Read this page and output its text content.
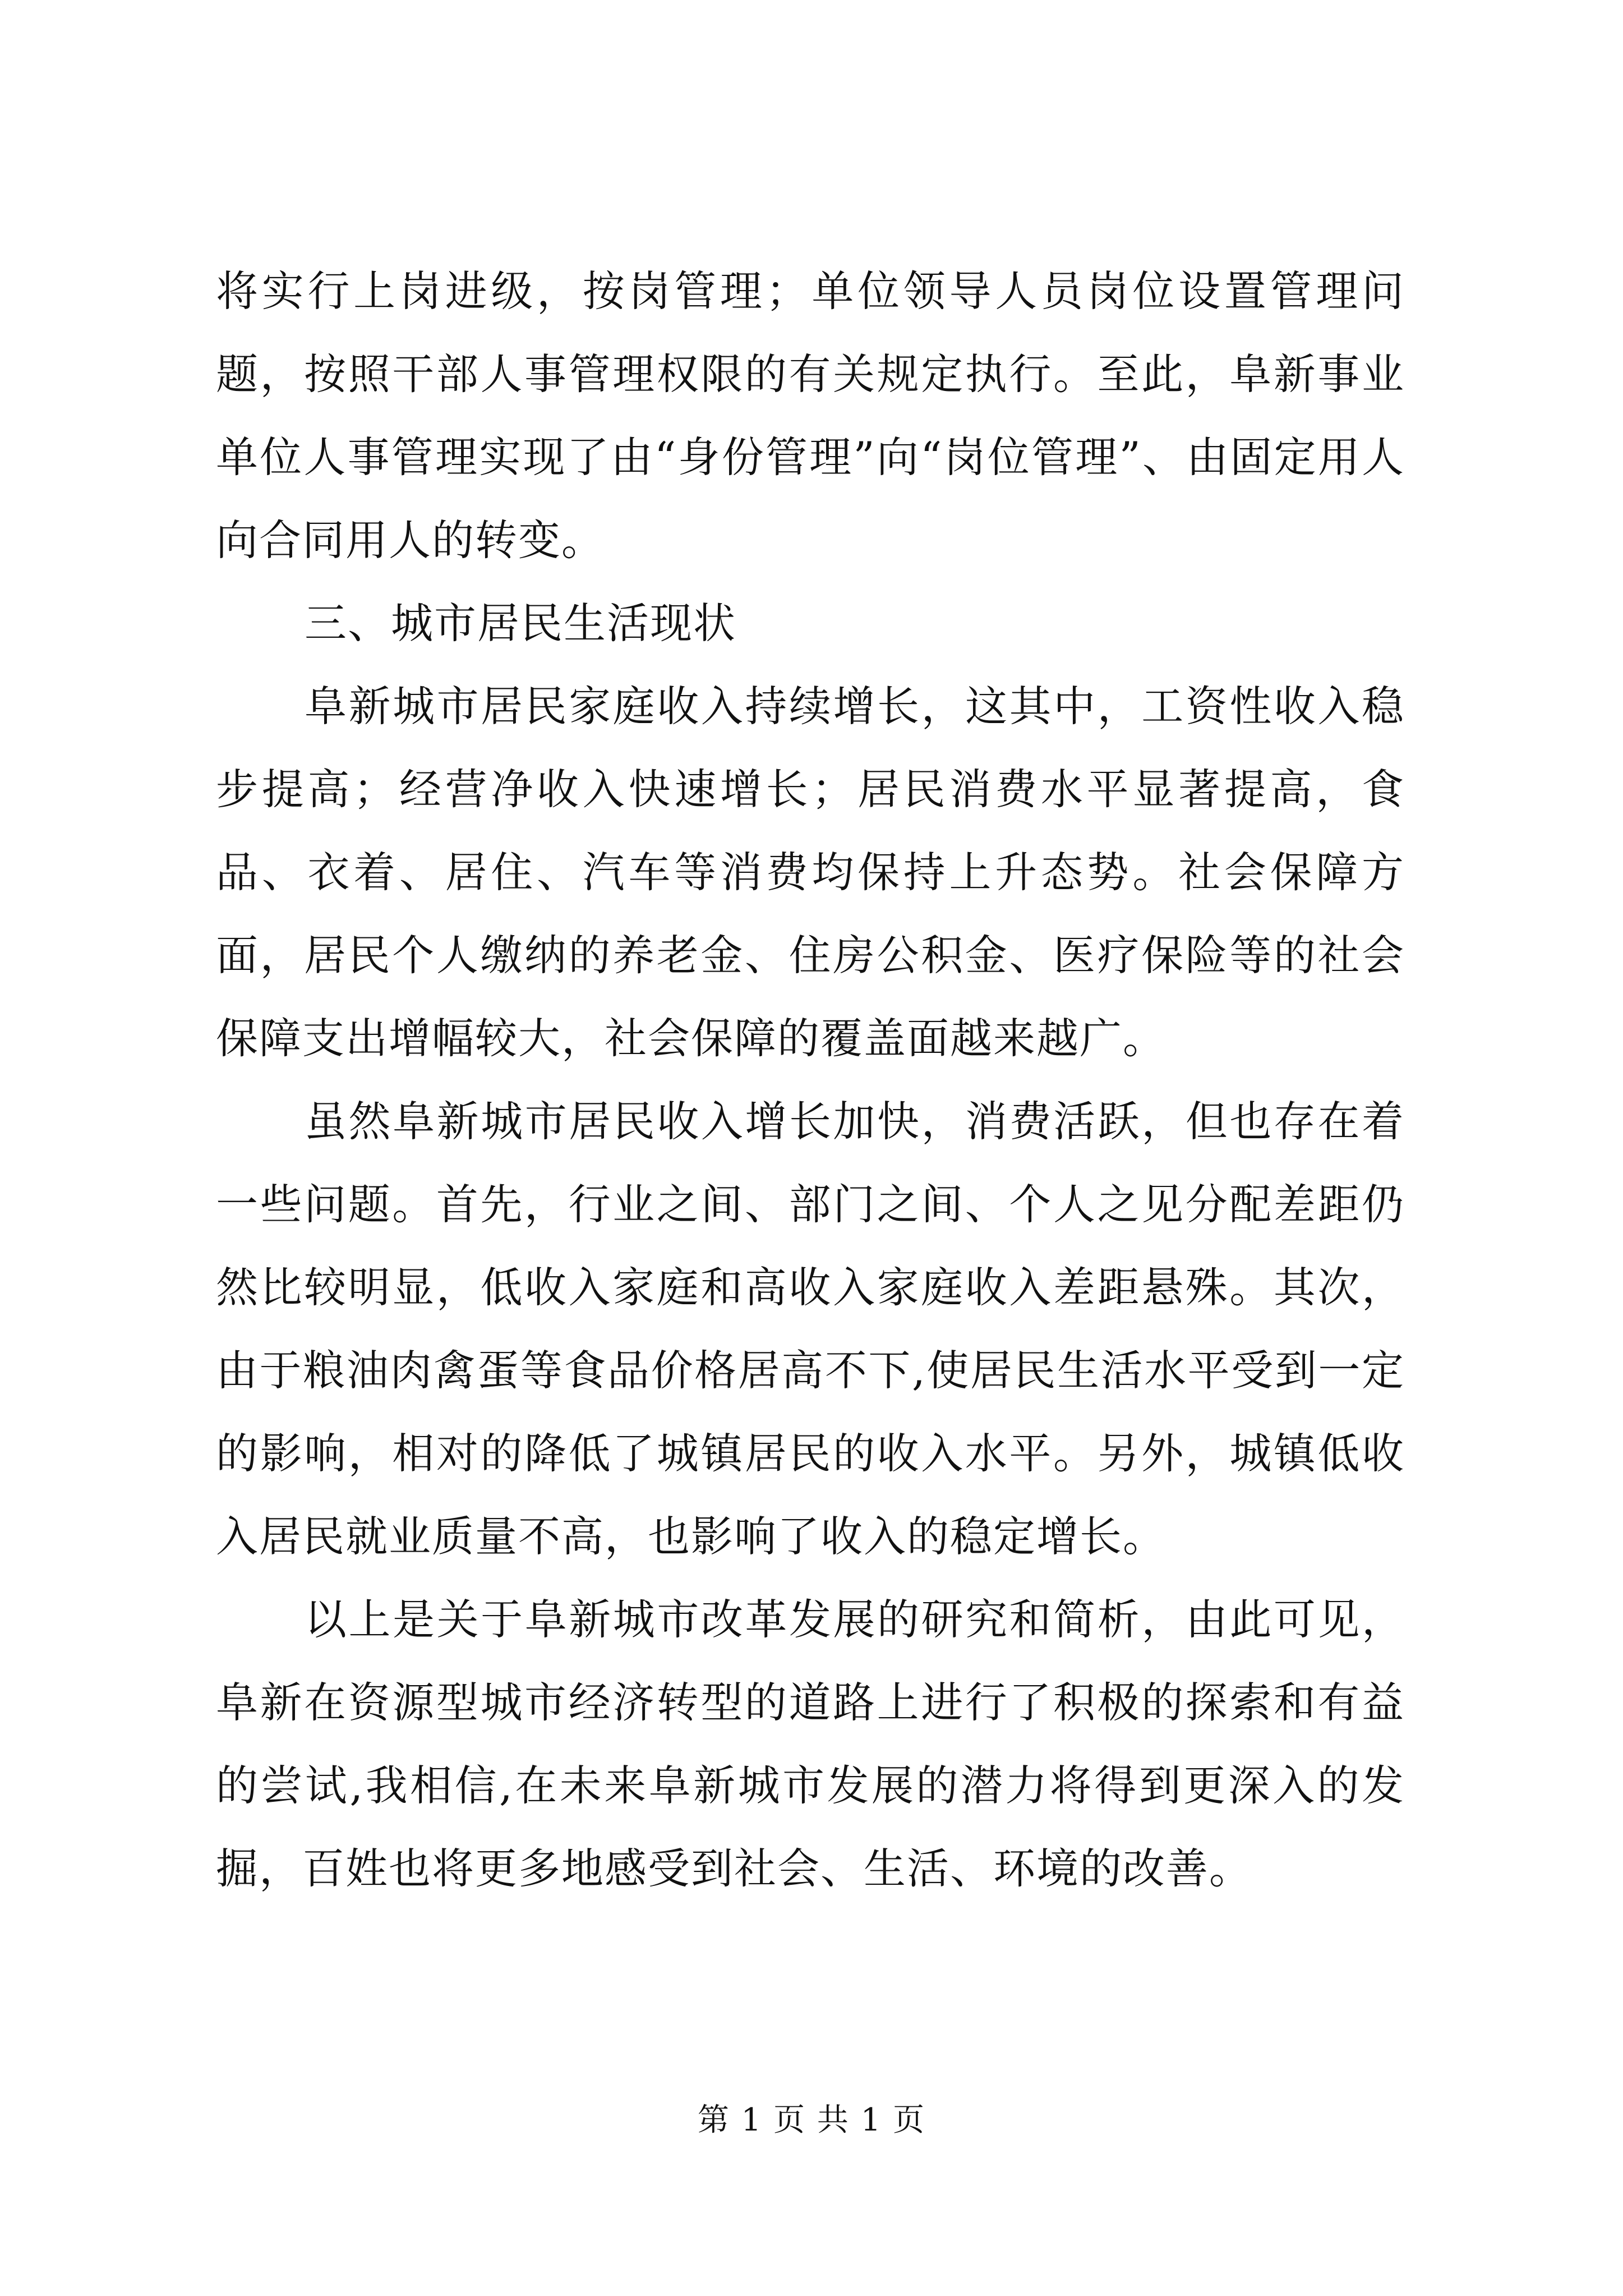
将实行上岗进级，按岗管理；单位领导人员岗位设置管理问题，按照干部人事管理权限的有关规定执行。至此，阜新事业单位人事管理实现了由“身份管理”向“岗位管理”、由固定用人向合同用人的转变。

三、城市居民生活现状

阜新城市居民家庭收入持续增长，这其中，工资性收入稳步提高；经营净收入快速增长；居民消费水平显著提高，食品、衣着、居住、汽车等消费均保持上升态势。社会保障方面，居民个人缴纳的养老金、住房公积金、医疗保险等的社会保障支出增幅较大，社会保障的覆盖面越来越广。

虽然阜新城市居民收入增长加快，消费活跃，但也存在着一些问题。首先，行业之间、部门之间、个人之见分配差距仍然比较明显，低收入家庭和高收入家庭收入差距悬殊。其次，由于粮油肉禽蛋等食品价格居高不下,使居民生活水平受到一定的影响，相对的降低了城镇居民的收入水平。另外，城镇低收入居民就业质量不高，也影响了收入的稳定增长。

以上是关于阜新城市改革发展的研究和简析，由此可见，阜新在资源型城市经济转型的道路上进行了积极的探索和有益的尝试,我相信,在未来阜新城市发展的潜力将得到更深入的发掘，百姓也将更多地感受到社会、生活、环境的改善。

第 1 页 共 1 页
